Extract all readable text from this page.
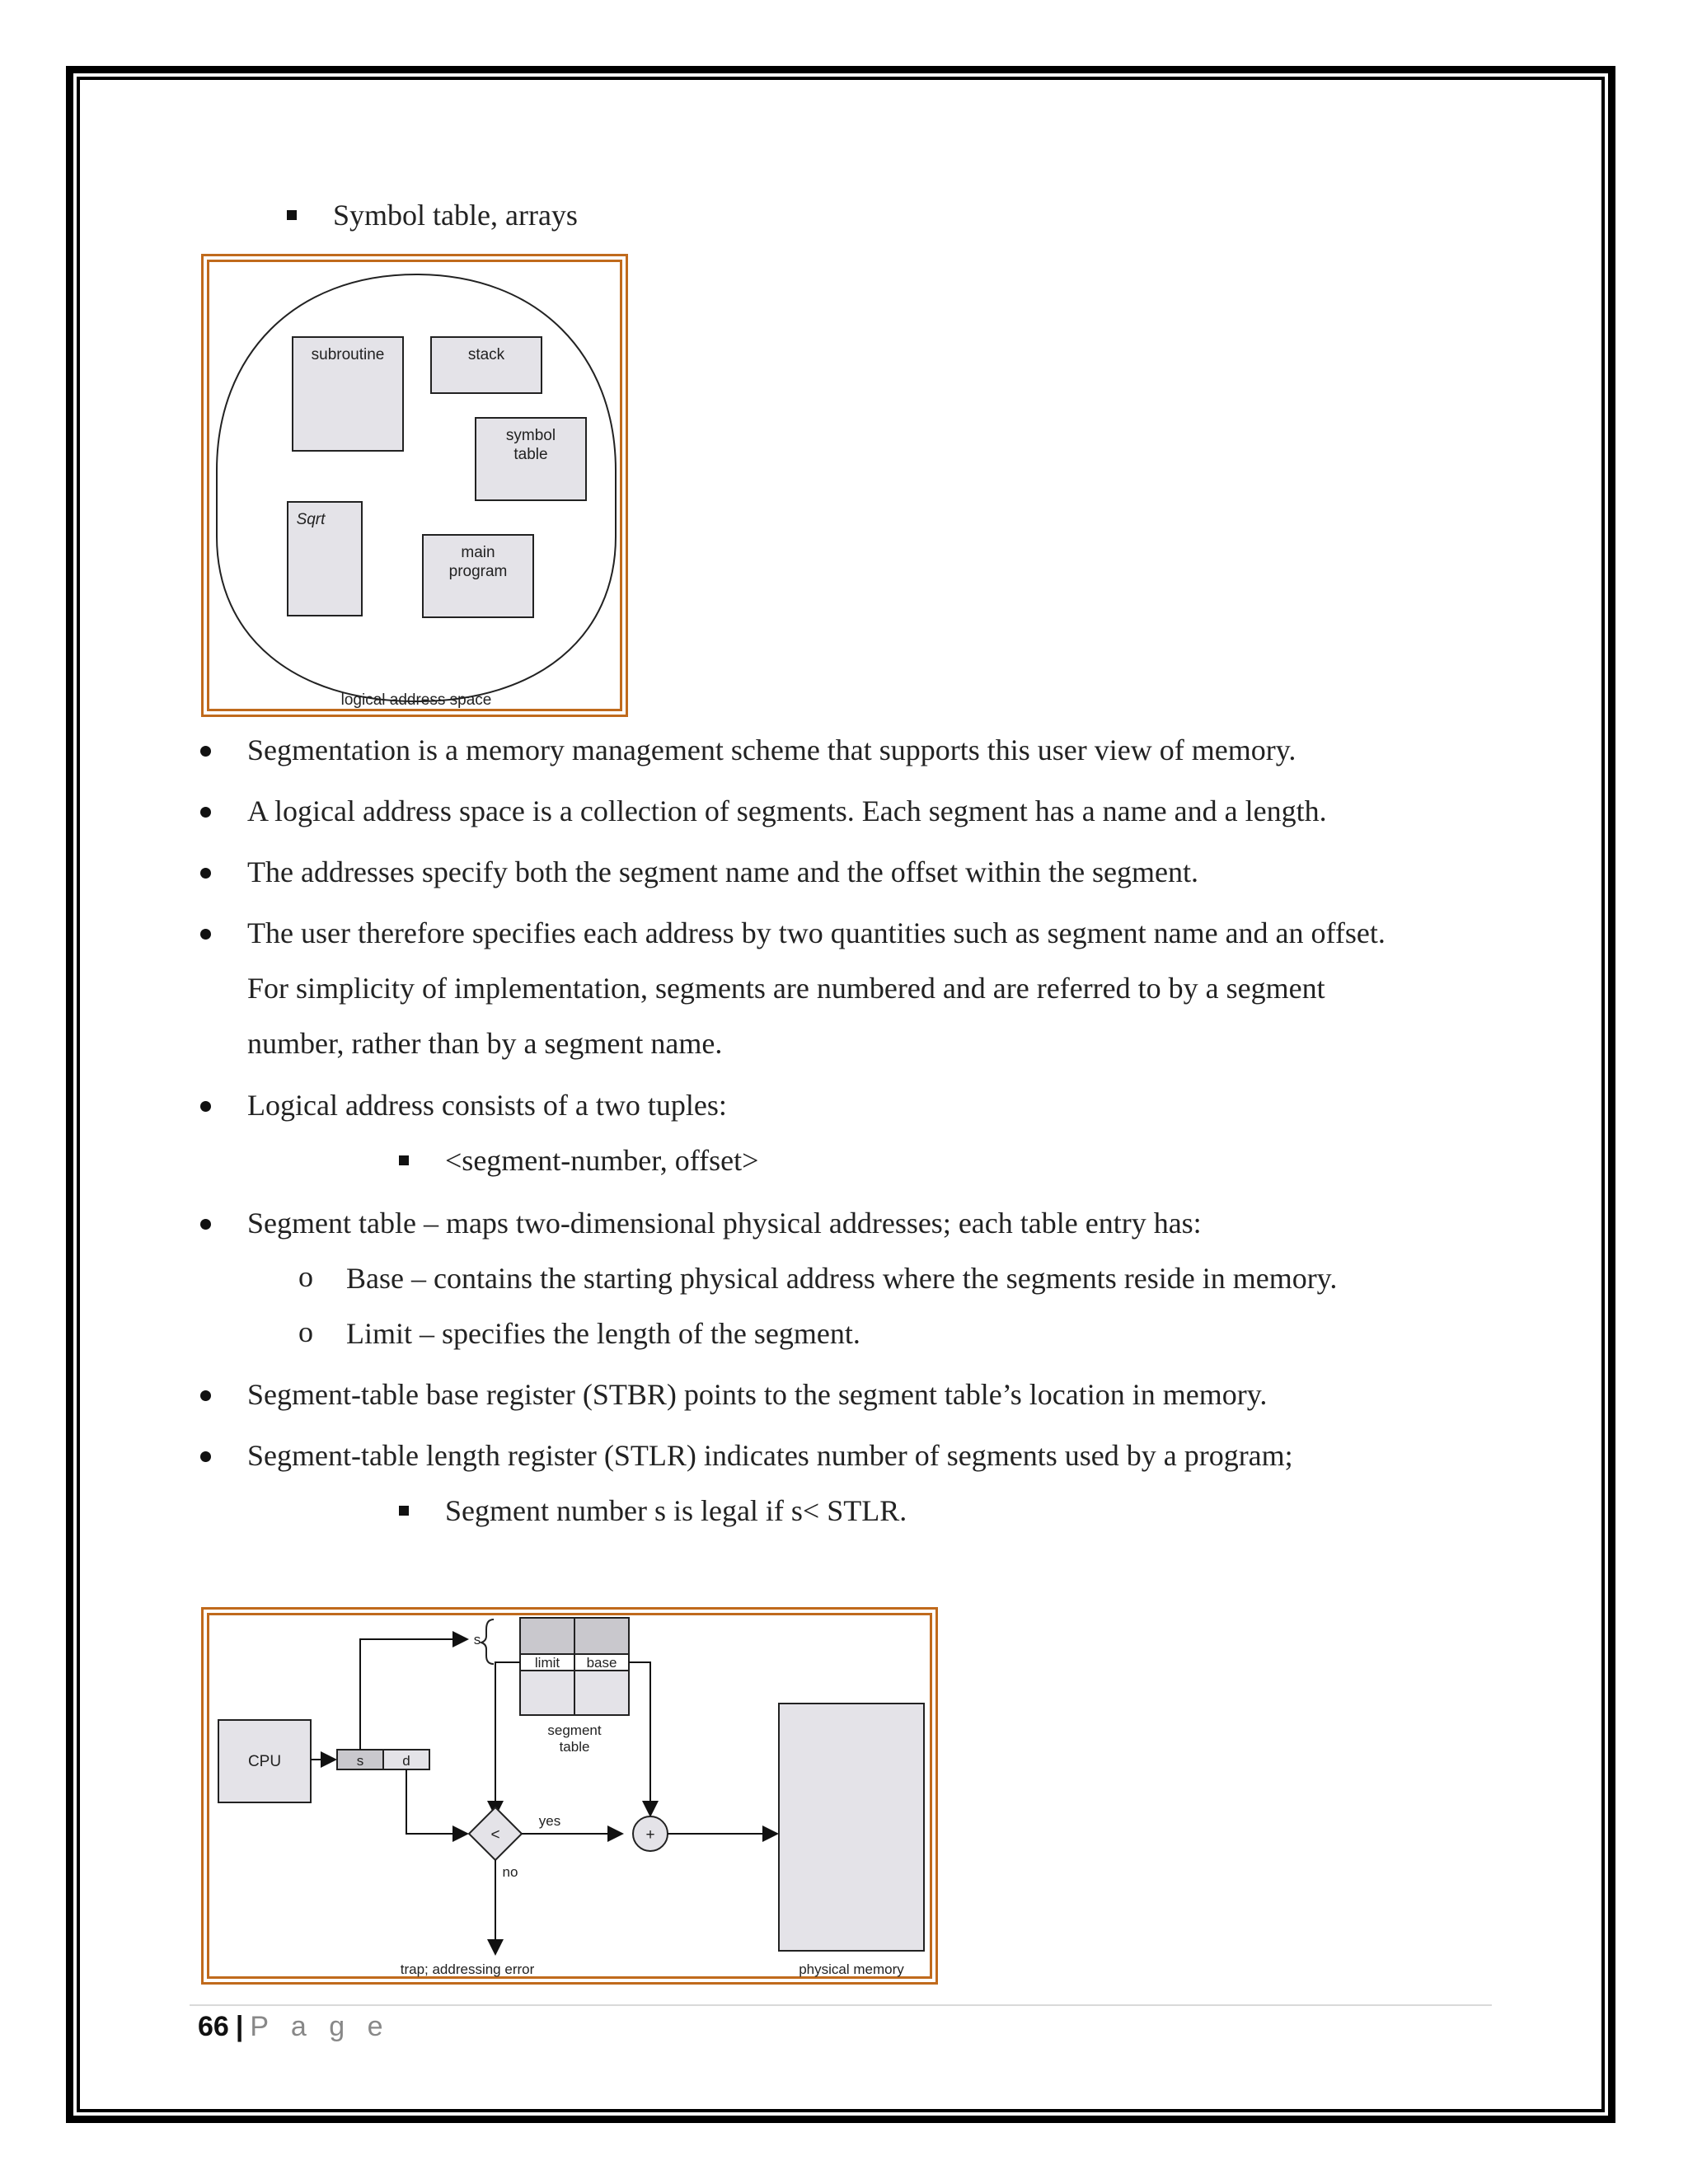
Symbol table, arrays
subroutine	stack
symbol
table
Sqrt
main
program
logical address space
Segmentation is a memory management scheme that supports this user view of memory.
A logical address space is a collection of segments. Each segment has a name and a length.
The addresses specify both the segment name and the offset within the segment.
The user therefore specifies each address by two quantities such as segment name and an offset.
For simplicity of implementation, segments are numbered and are referred to by a segment
number, rather than by a segment name.
Logical address consists of a two tuples:
<segment-number, offset>
Segment table – maps two-dimensional physical addresses; each table entry has:
o Base – contains the starting physical address where the segments reside in memory.
o Limit – specifies the length of the segment.
Segment-table base register (STBR) points to the segment table’s location in memory.
Segment-table length register (STLR) indicates number of segments used by a program;
Segment number s is legal if s< STLR.
CPU	s	d
s
limit base
segment
table
<
yes
no
trap; addressing error
+
physical memory
66 | P a g e
